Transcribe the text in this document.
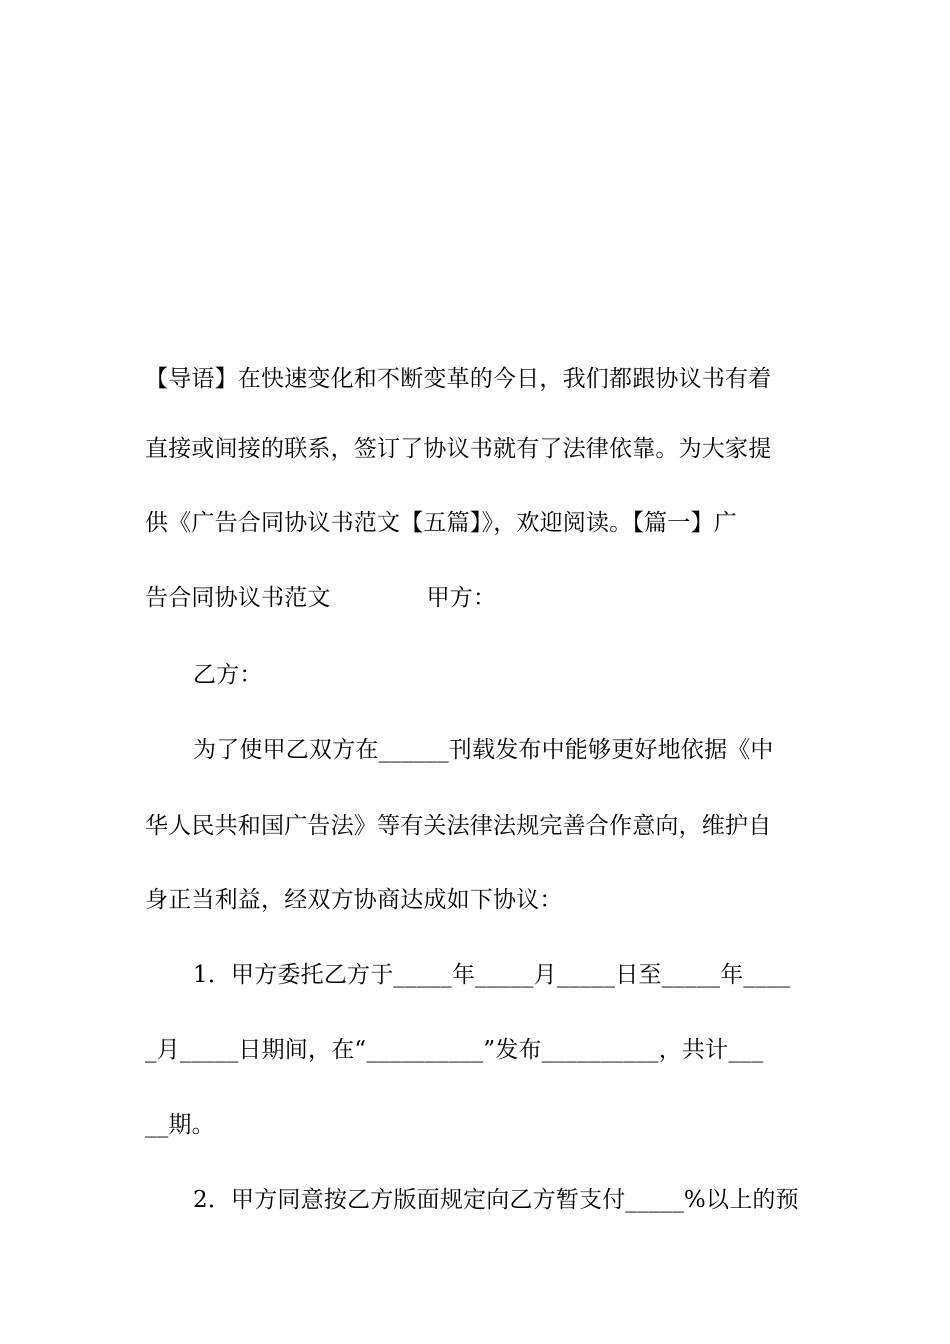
【导语】在快速变化和不断变革的今日，我们都跟协议书有着
直接或间接的联系，签订了协议书就有了法律依靠。为大家提
供《广告合同协议书范文【五篇】》，欢迎阅读。【篇一】广
告合同协议书范文	甲方：
乙方：
为了使甲乙双方在______刊载发布中能够更好地依据《中
华人民共和国广告法》等有关法律法规完善合作意向，维护自
身正当利益，经双方协商达成如下协议：
1．甲方委托乙方于_____年_____月_____日至_____年____
_月_____日期间，在“__________”发布__________，共计___
__期。
2．甲方同意按乙方版面规定向乙方暂支付_____%以上的预
